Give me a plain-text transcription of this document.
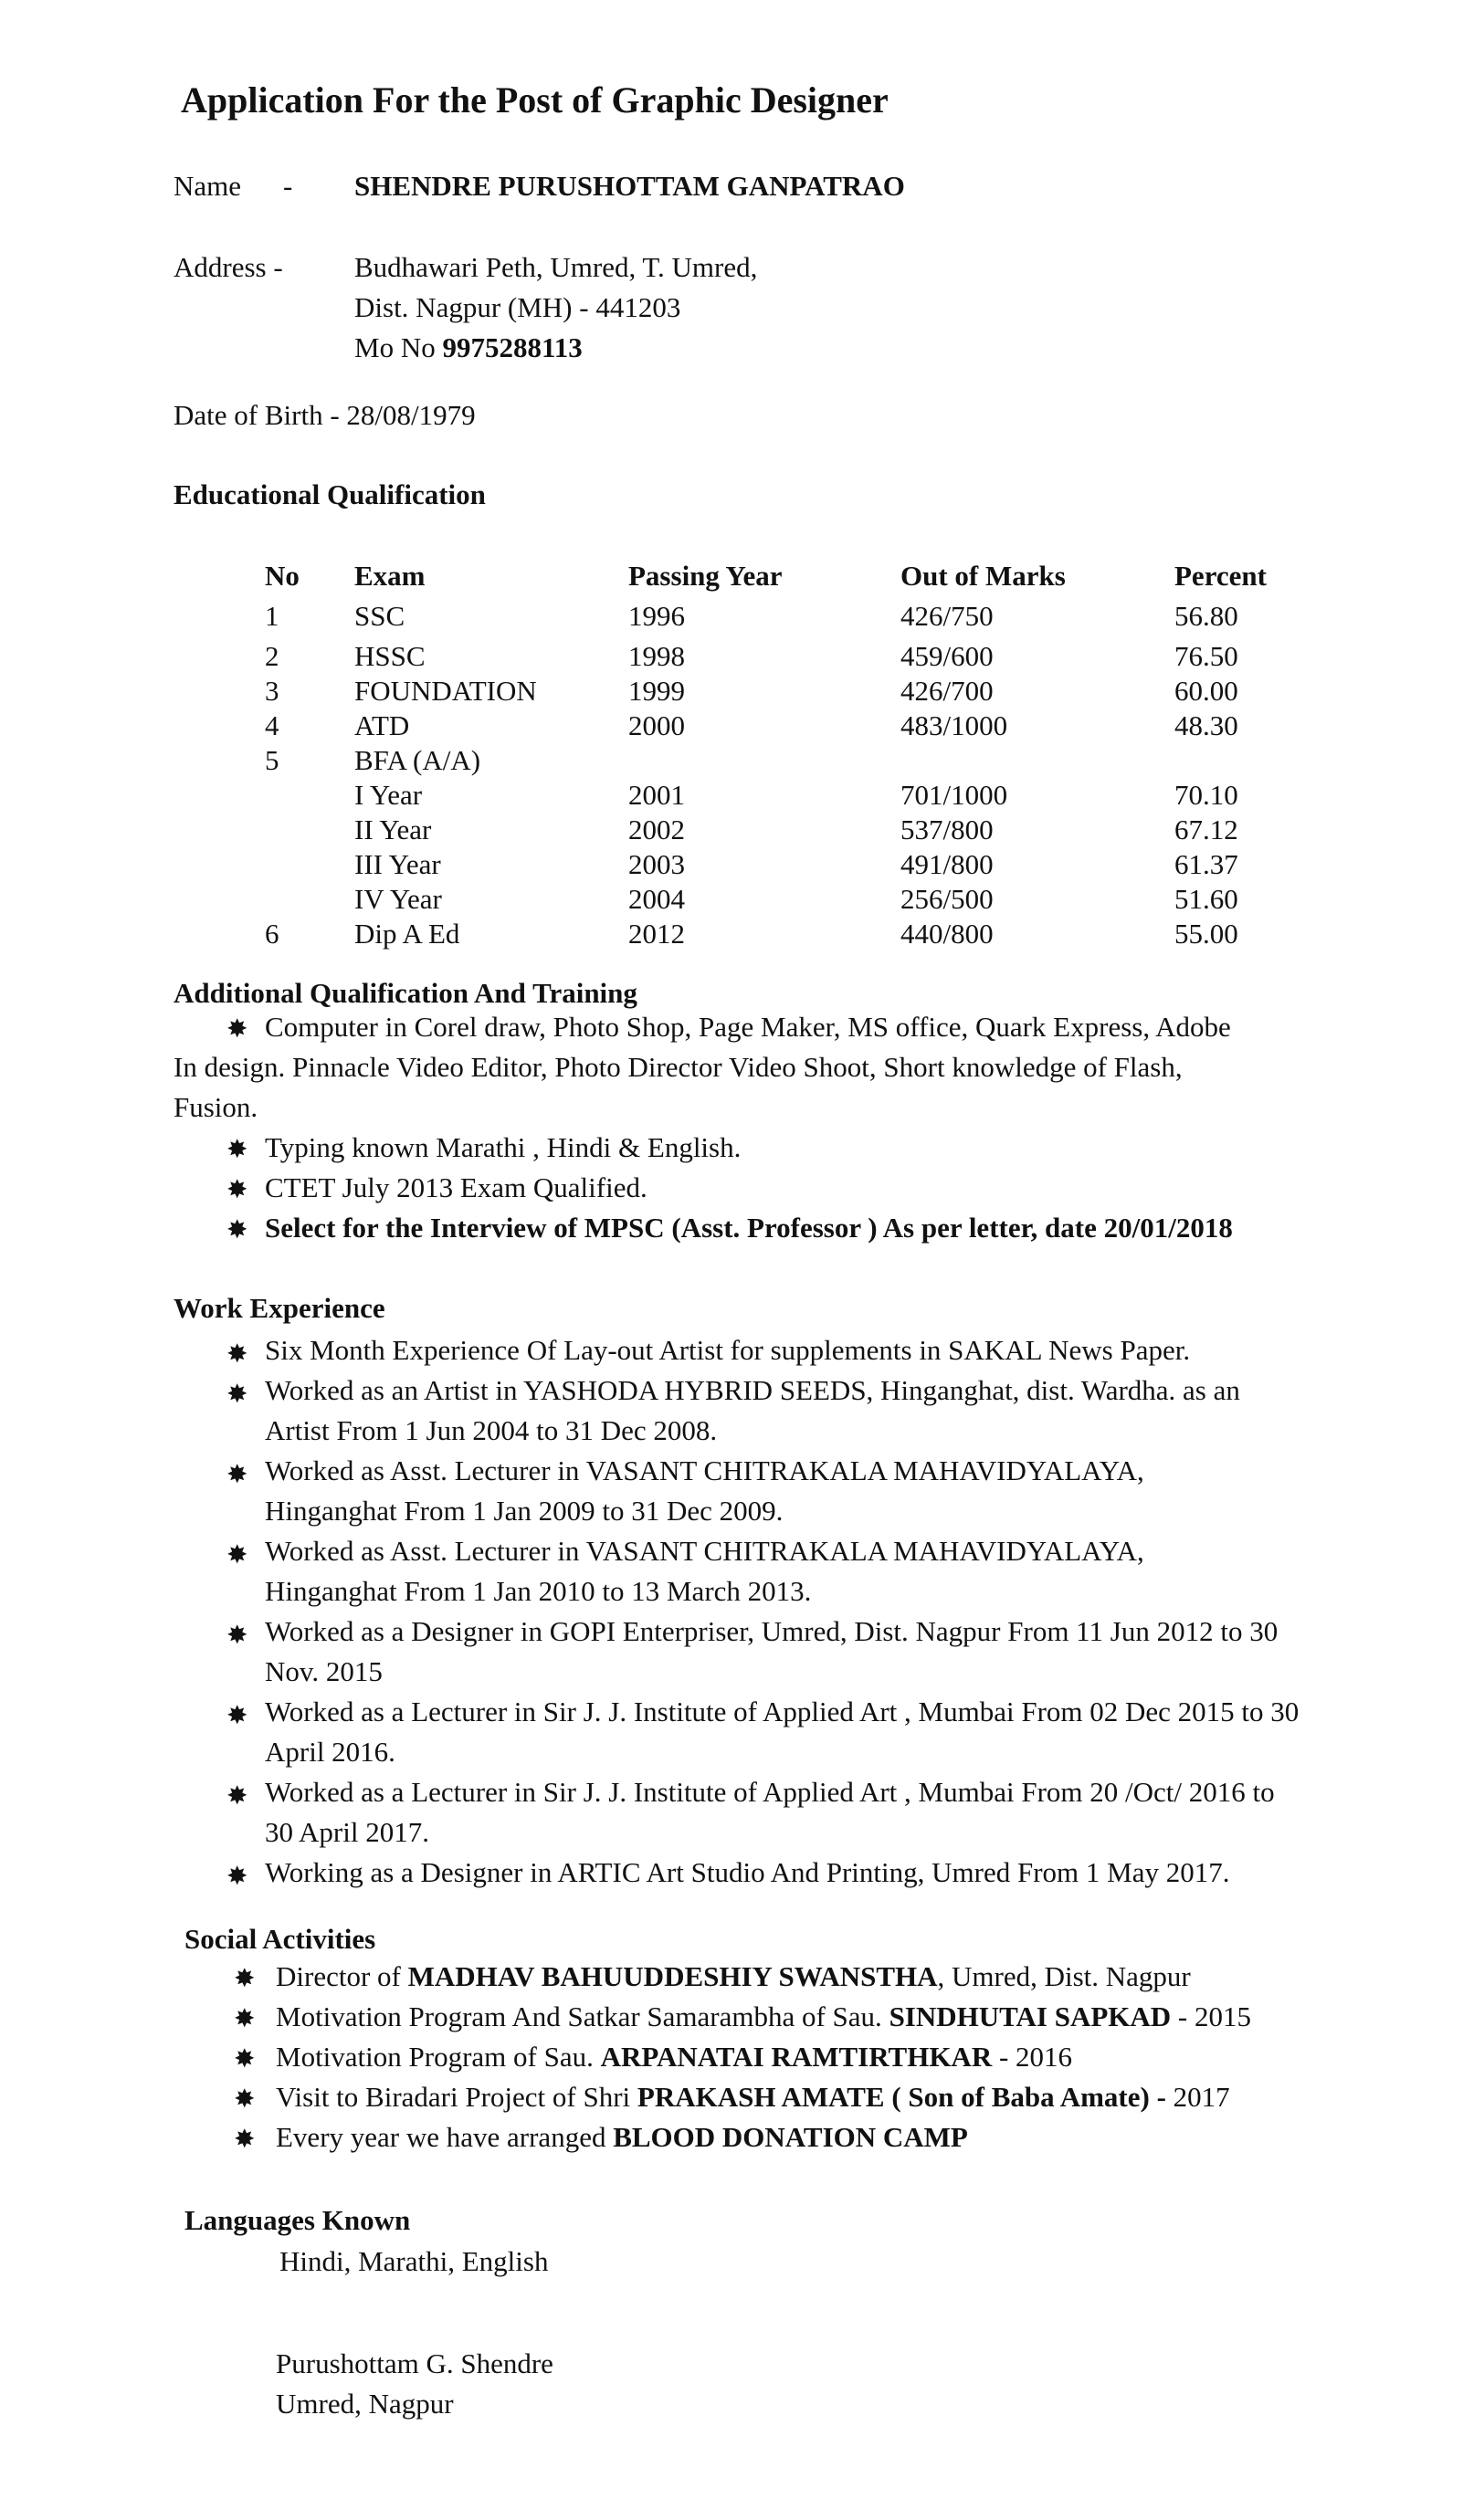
Application For the Post of Graphic Designer
Name - SHENDRE PURUSHOTTAM GANPATRAO
Address -	Budhawari Peth, Umred, T. Umred,
Dist. Nagpur (MH) - 441203
Mo No 9975288113
Date of Birth - 28/08/1979
Educational Qualification
No Exam	Passing Year	Out of Marks	Percent
1	SSC	1996	426/750	56.80
2	HSSC	1998	459/600	76.50
3	FOUNDATION	1999	426/700	60.00
4	ATD	2000	483/1000	48.30
5	BFA (A/A)
I Year	2001	701/1000	70.10
II Year	2002	537/800	67.12
III Year	2003	491/800	61.37
IV Year	2004	256/500	51.60
6	Dip A Ed	2012	440/800	55.00
Additional Qualification And Training
✸ Computer in Corel draw, Photo Shop, Page Maker, MS office, Quark Express, Adobe
In design. Pinnacle Video Editor, Photo Director Video Shoot, Short knowledge of Flash,
Fusion.
✸ Typing known Marathi , Hindi & English.
✸ CTET July 2013 Exam Qualified.
✸ Select for the Interview of MPSC (Asst. Professor ) As per letter, date 20/01/2018
Work Experience
✸ Six Month Experience Of Lay-out Artist for supplements in SAKAL News Paper.
✸ Worked as an Artist in YASHODA HYBRID SEEDS, Hinganghat, dist. Wardha. as an
Artist From 1 Jun 2004 to 31 Dec 2008.
✸ Worked as Asst. Lecturer in VASANT CHITRAKALA MAHAVIDYALAYA,
Hinganghat From 1 Jan 2009 to 31 Dec 2009.
✸ Worked as Asst. Lecturer in VASANT CHITRAKALA MAHAVIDYALAYA,
Hinganghat From 1 Jan 2010 to 13 March 2013.
✸ Worked as a Designer in GOPI Enterpriser, Umred, Dist. Nagpur From 11 Jun 2012 to 30
Nov. 2015
✸ Worked as a Lecturer in Sir J. J. Institute of Applied Art , Mumbai From 02 Dec 2015 to 30
April 2016.
✸ Worked as a Lecturer in Sir J. J. Institute of Applied Art , Mumbai From 20 /Oct/ 2016 to
30 April 2017.
✸ Working as a Designer in ARTIC Art Studio And Printing, Umred From 1 May 2017.
Social Activities
✸ Director of MADHAV BAHUUDDESHIY SWANSTHA, Umred, Dist. Nagpur
✸ Motivation Program And Satkar Samarambha of Sau. SINDHUTAI SAPKAD - 2015
✸ Motivation Program of Sau. ARPANATAI RAMTIRTHKAR - 2016
✸ Visit to Biradari Project of Shri PRAKASH AMATE ( Son of Baba Amate) - 2017
✸ Every year we have arranged BLOOD DONATION CAMP
Languages Known
Hindi, Marathi, English
Purushottam G. Shendre
Umred, Nagpur
